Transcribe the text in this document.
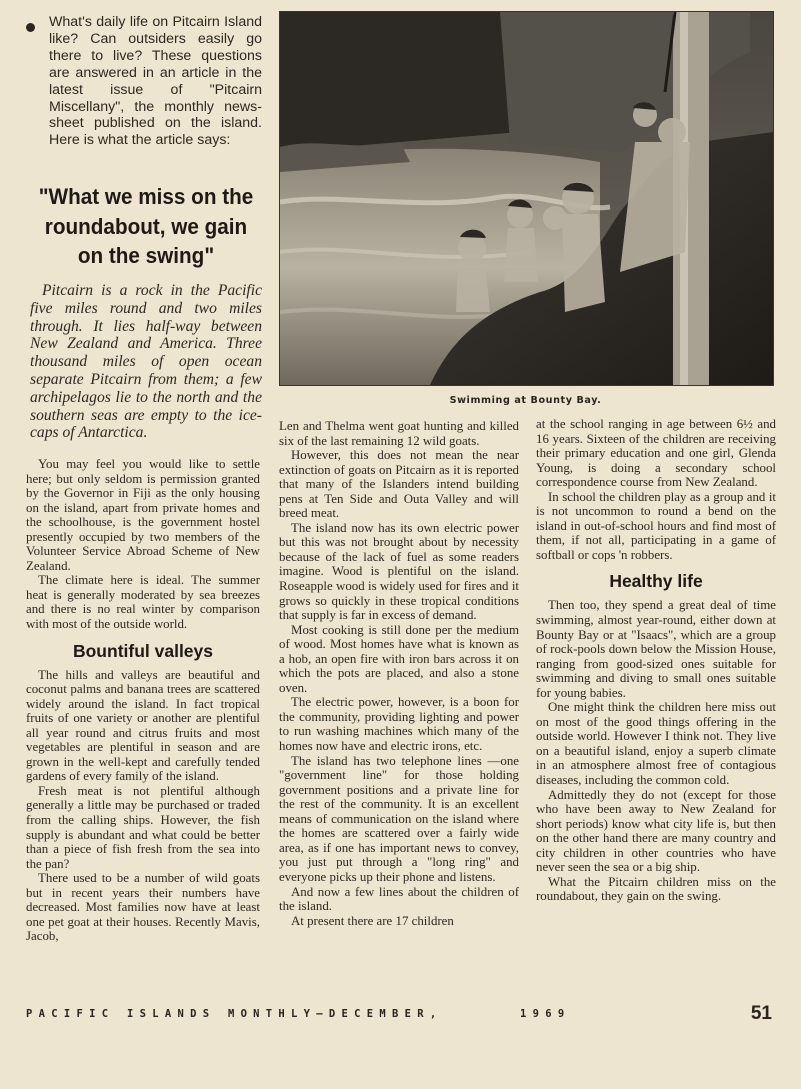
What's daily life on Pitcairn Island like? Can outsiders easily go there to live? These questions are answered in an article in the latest issue of "Pitcairn Miscellany", the monthly news-sheet published on the island. Here is what the article says:

"What we miss on the roundabout, we gain on the swing"

Pitcairn is a rock in the Pacific five miles round and two miles through. It lies half-way between New Zealand and America. Three thousand miles of open ocean separate Pitcairn from them; a few archipelagos lie to the north and the southern seas are empty to the ice-caps of Antarctica.

Swimming at Bounty Bay.

You may feel you would like to settle here; but only seldom is permission granted by the Governor in Fiji as the only housing on the island, apart from private homes and the schoolhouse, is the government hostel presently occupied by two members of the Volunteer Service Abroad Scheme of New Zealand.

The climate here is ideal. The summer heat is generally moderated by sea breezes and there is no real winter by comparison with most of the outside world.

Bountiful valleys

The hills and valleys are beautiful and coconut palms and banana trees are scattered widely around the island. In fact tropical fruits of one variety or another are plentiful all year round and citrus fruits and most vegetables are plentiful in season and are grown in the well-kept and carefully tended gardens of every family of the island.

Fresh meat is not plentiful although generally a little may be purchased or traded from the calling ships. However, the fish supply is abundant and what could be better than a piece of fish fresh from the sea into the pan?

There used to be a number of wild goats but in recent years their numbers have decreased. Most families now have at least one pet goat at their houses. Recently Mavis, Jacob,

Len and Thelma went goat hunting and killed six of the last remaining 12 wild goats.

However, this does not mean the near extinction of goats on Pitcairn as it is reported that many of the Islanders intend building pens at Ten Side and Outa Valley and will breed meat.

The island now has its own electric power but this was not brought about by necessity because of the lack of fuel as some readers imagine. Wood is plentiful on the island. Roseapple wood is widely used for fires and it grows so quickly in these tropical conditions that supply is far in excess of demand.

Most cooking is still done per the medium of wood. Most homes have what is known as a hob, an open fire with iron bars across it on which the pots are placed, and also a stone oven.

The electric power, however, is a boon for the community, providing lighting and power to run washing machines which many of the homes now have and electric irons, etc.

The island has two telephone lines —one "government line" for those holding government positions and a private line for the rest of the community. It is an excellent means of communication on the island where the homes are scattered over a fairly wide area, as if one has important news to convey, you just put through a "long ring" and everyone picks up their phone and listens.

And now a few lines about the children of the island.

At present there are 17 children

at the school ranging in age between 6½ and 16 years. Sixteen of the children are receiving their primary education and one girl, Glenda Young, is doing a secondary school correspondence course from New Zealand.

In school the children play as a group and it is not uncommon to round a bend on the island in out-of-school hours and find most of them, if not all, participating in a game of softball or cops 'n robbers.

Healthy life

Then too, they spend a great deal of time swimming, almost year-round, either down at Bounty Bay or at "Isaacs", which are a group of rock-pools down below the Mission House, ranging from good-sized ones suitable for swimming and diving to small ones suitable for young babies.

One might think the children here miss out on most of the good things offering in the outside world. However I think not. They live on a beautiful island, enjoy a superb climate in an atmosphere almost free of contagious diseases, including the common cold.

Admittedly they do not (except for those who have been away to New Zealand for short periods) know what city life is, but then on the other hand there are many country and city children in other countries who have never seen the sea or a big ship.

What the Pitcairn children miss on the roundabout, they gain on the swing.

PACIFIC ISLANDS MONTHLY—DECEMBER,	1969	51
